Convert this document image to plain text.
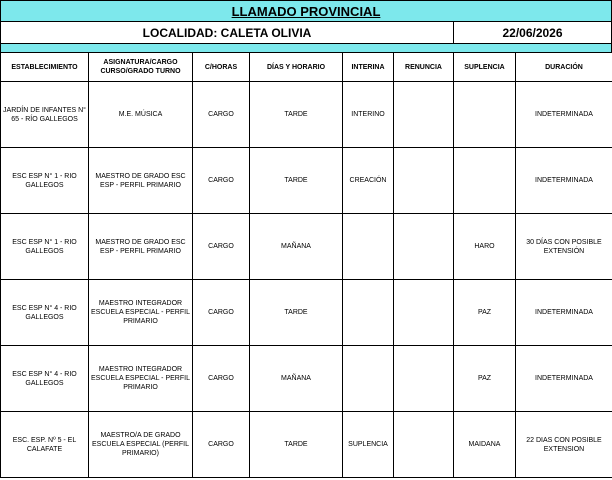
LLAMADO PROVINCIAL
LOCALIDAD: CALETA OLIVIA	22/06/2026
ESTABLECIMIENTO	ASIGNATURA/CARGO CURSO/GRADO TURNO	C/HORAS	DÍAS Y HORARIO	INTERINA	RENUNCIA	SUPLENCIA	DURACIÓN
JARDÍN DE INFANTES N° 65 - RÍO GALLEGOS	M.E. MÚSICA	CARGO	TARDE	INTERINO			INDETERMINADA
ESC ESP N° 1 - RIO GALLEGOS	MAESTRO DE GRADO ESC ESP - PERFIL PRIMARIO	CARGO	TARDE	CREACIÓN			INDETERMINADA
ESC ESP N° 1 - RIO GALLEGOS	MAESTRO DE GRADO ESC ESP - PERFIL PRIMARIO	CARGO	MAÑANA			HARO	30 DÍAS CON POSIBLE EXTENSIÓN
ESC ESP N° 4 - RIO GALLEGOS	MAESTRO INTEGRADOR ESCUELA ESPECIAL - PERFIL PRIMARIO	CARGO	TARDE			PAZ	INDETERMINADA
ESC ESP N° 4 - RIO GALLEGOS	MAESTRO INTEGRADOR ESCUELA ESPECIAL - PERFIL PRIMARIO	CARGO	MAÑANA			PAZ	INDETERMINADA
ESC. ESP. Nº 5 - EL CALAFATE	MAESTRO/A DE GRADO ESCUELA ESPECIAL (PERFIL PRIMARIO)	CARGO	TARDE	SUPLENCIA		MAIDANA	22 DIAS CON POSIBLE EXTENSION
